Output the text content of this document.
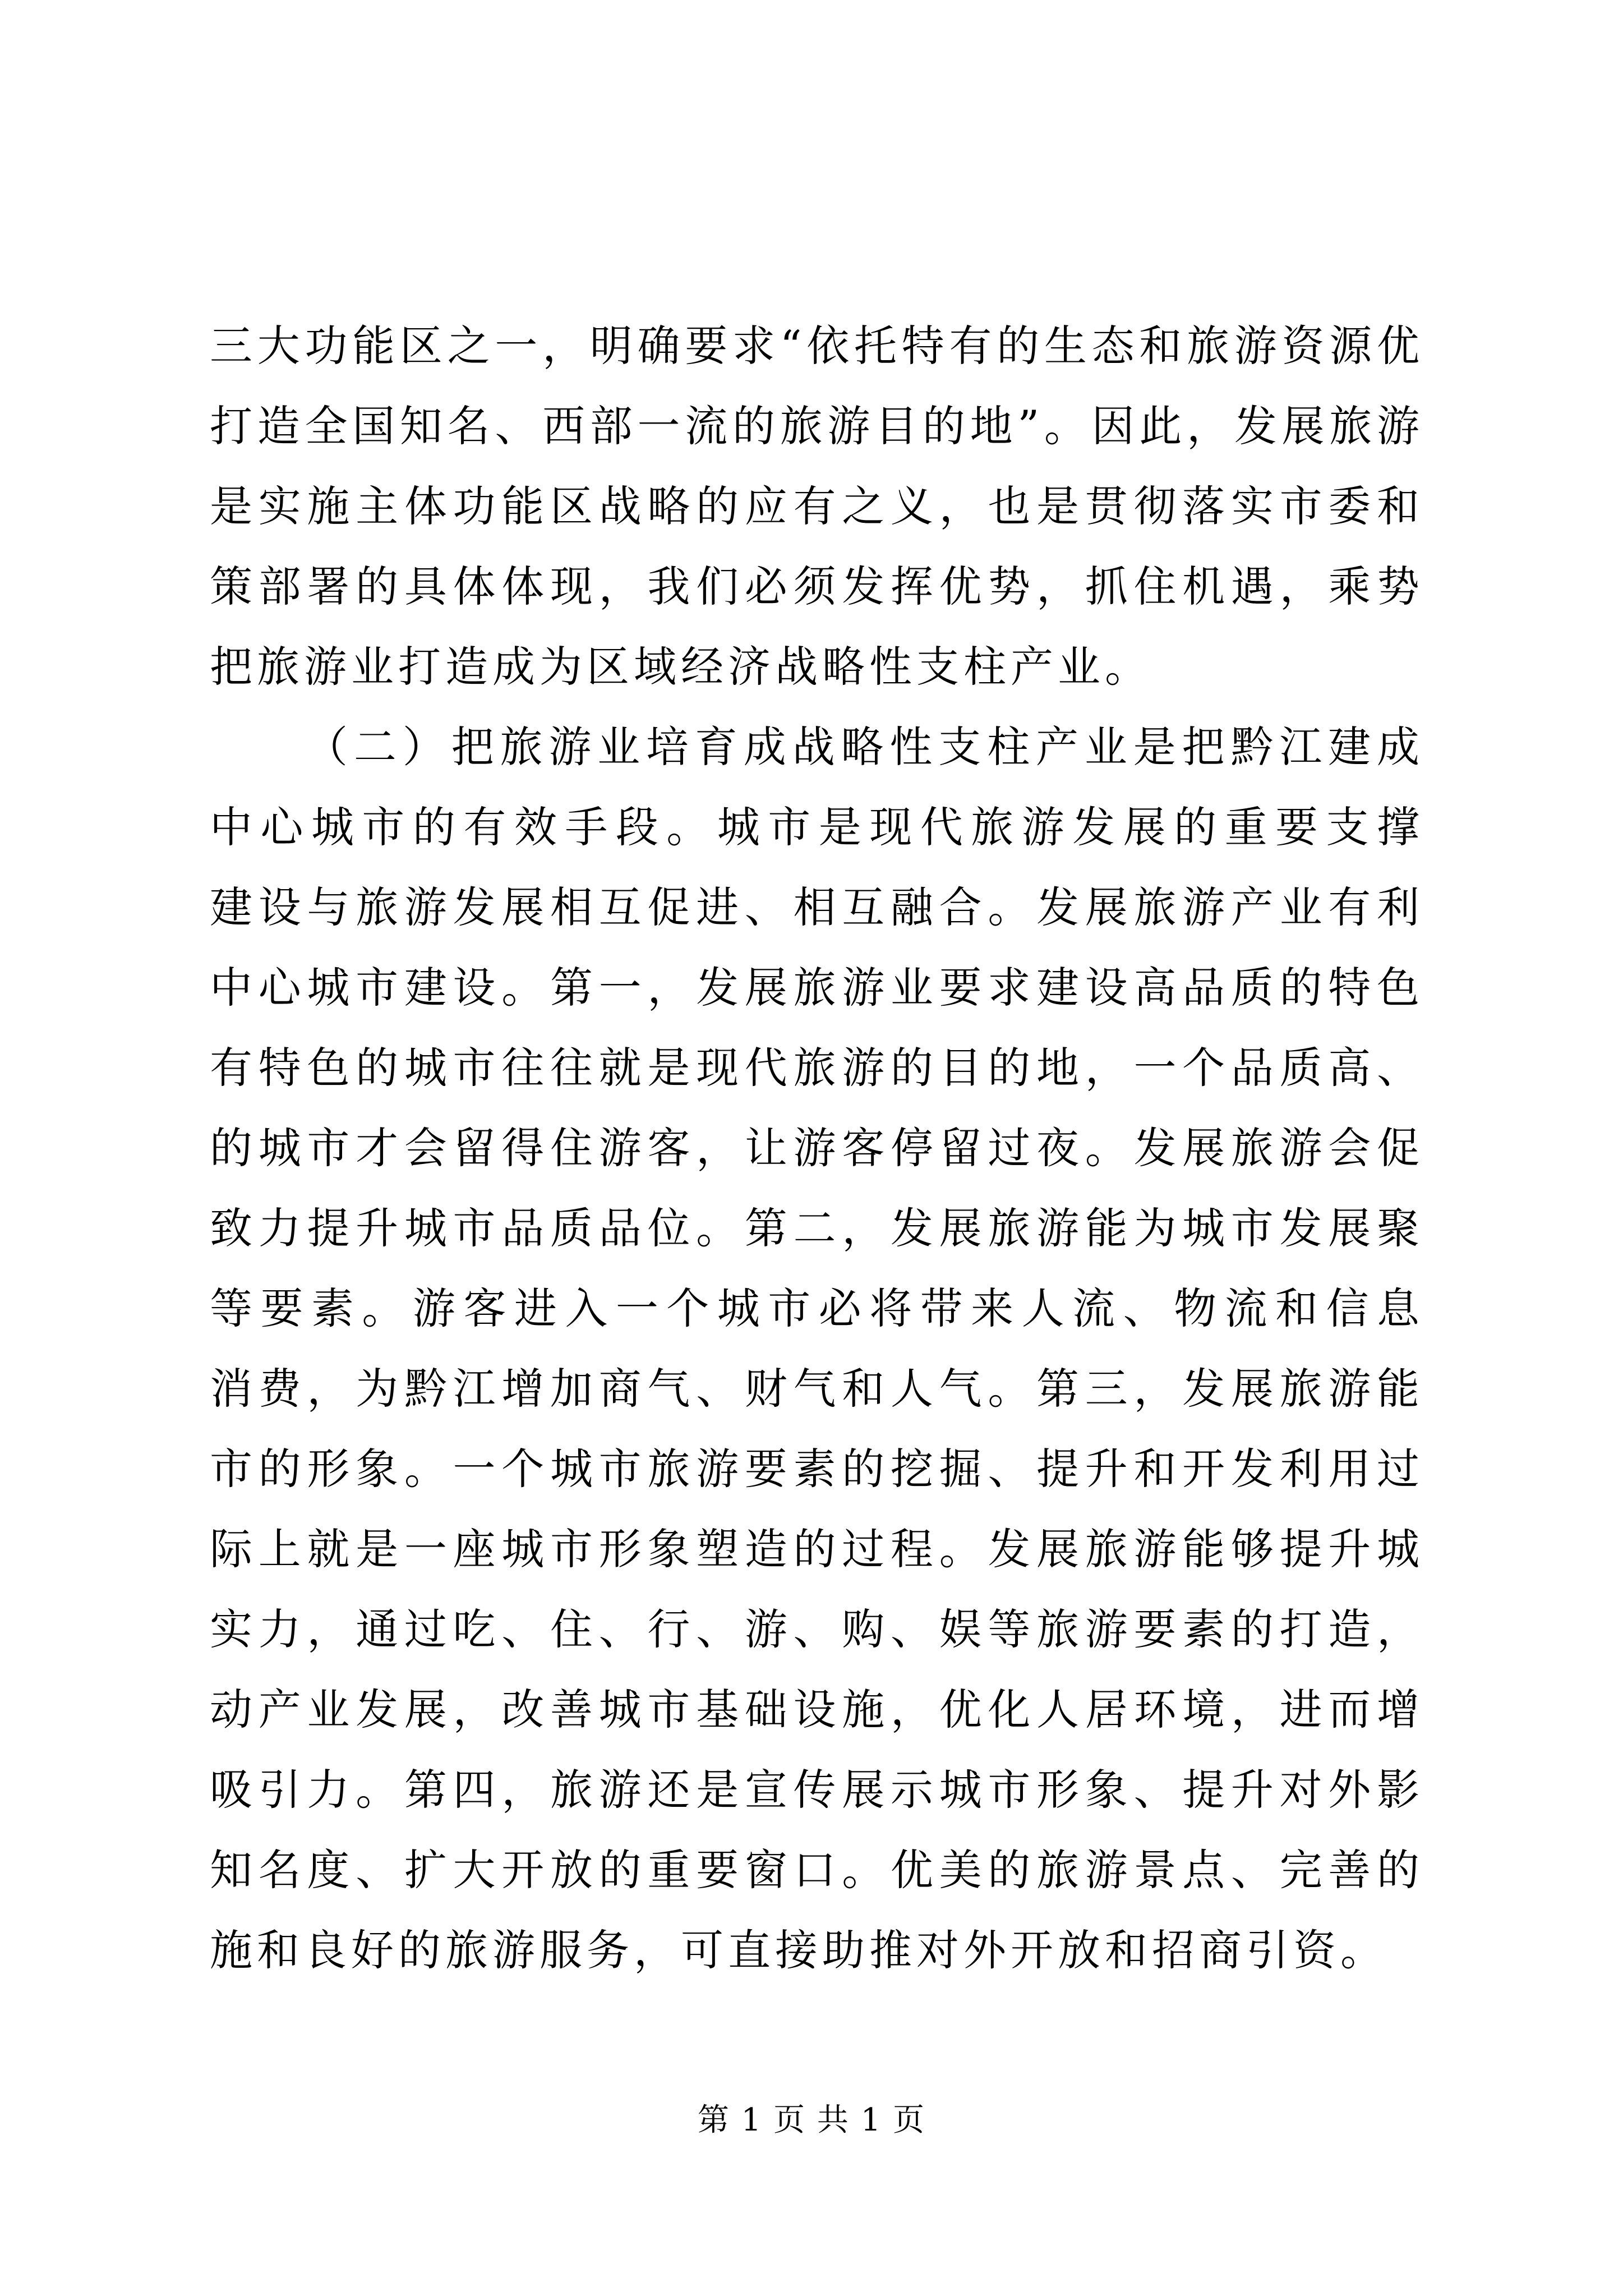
三大功能区之一，明确要求“依托特有的生态和旅游资源优
打造全国知名、西部一流的旅游目的地”。因此，发展旅游
是实施主体功能区战略的应有之义，也是贯彻落实市委和
策部署的具体体现，我们必须发挥优势，抓住机遇，乘势
把旅游业打造成为区域经济战略性支柱产业。
（二）把旅游业培育成战略性支柱产业是把黔江建成
中心城市的有效手段。城市是现代旅游发展的重要支撑
建设与旅游发展相互促进、相互融合。发展旅游产业有利
中心城市建设。第一，发展旅游业要求建设高品质的特色
有特色的城市往往就是现代旅游的目的地，一个品质高、
的城市才会留得住游客，让游客停留过夜。发展旅游会促
致力提升城市品质品位。第二，发展旅游能为城市发展聚
等要素。游客进入一个城市必将带来人流、物流和信息
消费，为黔江增加商气、财气和人气。第三，发展旅游能
市的形象。一个城市旅游要素的挖掘、提升和开发利用过
际上就是一座城市形象塑造的过程。发展旅游能够提升城
实力，通过吃、住、行、游、购、娱等旅游要素的打造，
动产业发展，改善城市基础设施，优化人居环境，进而增
吸引力。第四，旅游还是宣传展示城市形象、提升对外影
知名度、扩大开放的重要窗口。优美的旅游景点、完善的
施和良好的旅游服务，可直接助推对外开放和招商引资。
第 1 页 共 1 页
